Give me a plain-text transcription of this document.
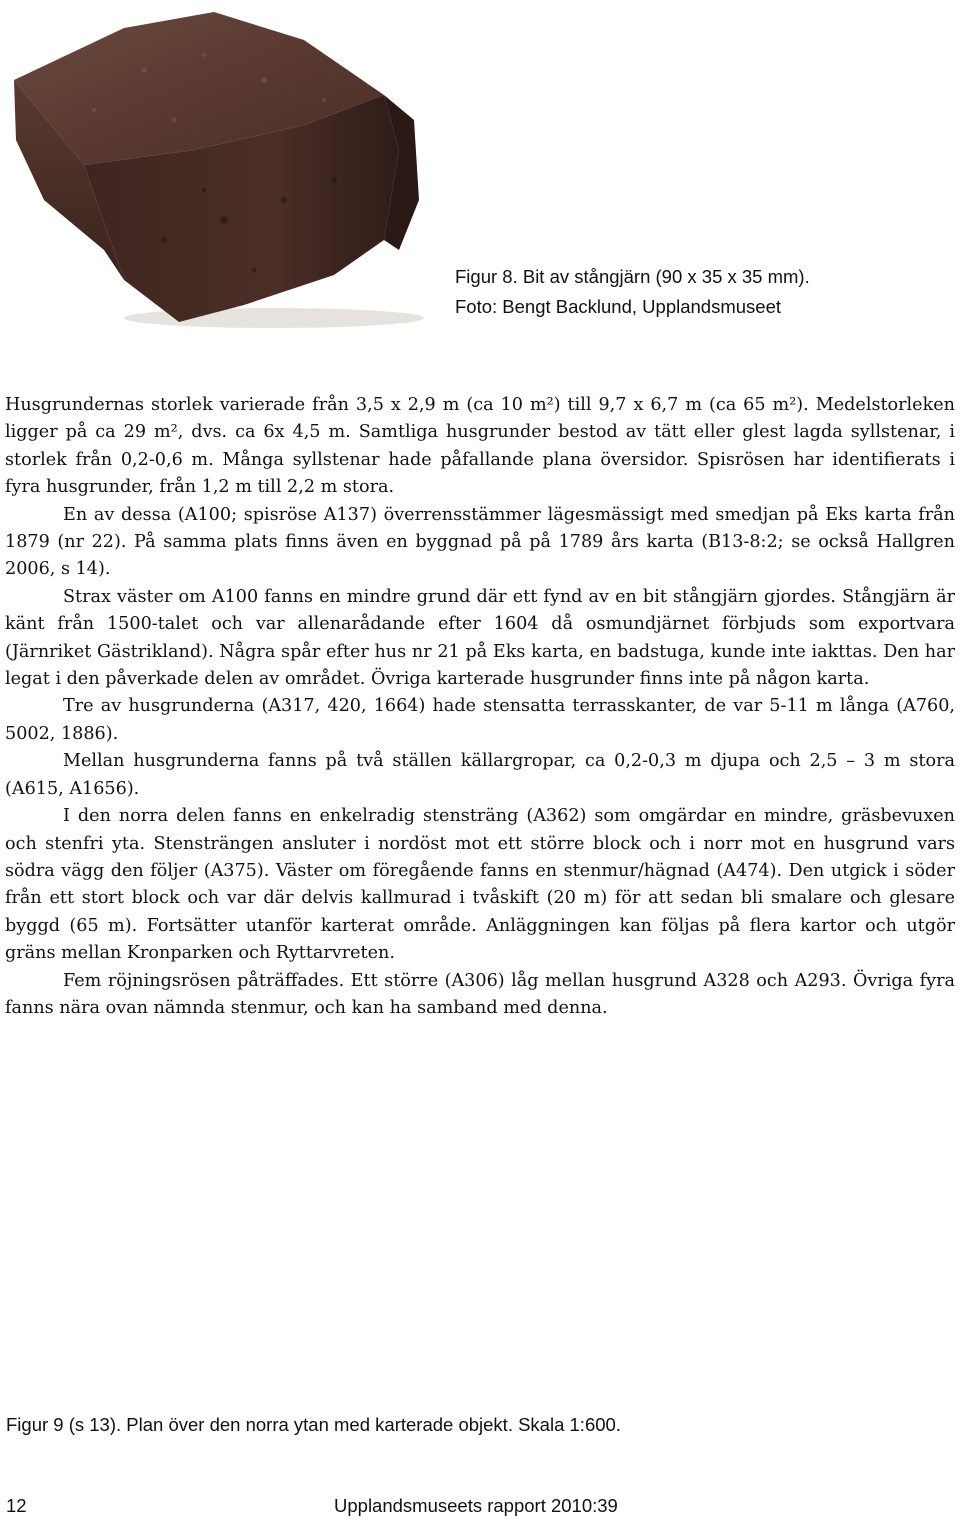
Figur 8. Bit av stångjärn (90 x 35 x 35 mm).
Foto: Bengt Backlund, Upplandsmuseet

Husgrundernas storlek varierade från 3,5 x 2,9 m (ca 10 m²) till 9,7 x 6,7 m (ca 65 m²). Medelstorleken ligger på ca 29 m², dvs. ca 6x 4,5 m. Samtliga husgrunder bestod av tätt eller glest lagda syllstenar, i storlek från 0,2-0,6 m. Många syllstenar hade påfallande plana översidor. Spisrösen har identifierats i fyra husgrunder, från 1,2 m till 2,2 m stora.

En av dessa (A100; spisröse A137) överrensstämmer lägesmässigt med smedjan på Eks karta från 1879 (nr 22). På samma plats finns även en byggnad på på 1789 års karta (B13-8:2; se också Hallgren 2006, s 14).

Strax väster om A100 fanns en mindre grund där ett fynd av en bit stångjärn gjordes. Stångjärn är känt från 1500-talet och var allenarådande efter 1604 då osmundjärnet förbjuds som exportvara (Järnriket Gästrikland). Några spår efter hus nr 21 på Eks karta, en badstuga, kunde inte iakttas. Den har legat i den påverkade delen av området. Övriga karterade husgrunder finns inte på någon karta.

Tre av husgrunderna (A317, 420, 1664) hade stensatta terrasskanter, de var 5-11 m långa (A760, 5002, 1886).

Mellan husgrunderna fanns på två ställen källargropar, ca 0,2-0,3 m djupa och 2,5 – 3 m stora (A615, A1656).

I den norra delen fanns en enkelradig stensträng (A362) som omgärdar en mindre, gräsbevuxen och stenfri yta. Stensträngen ansluter i nordöst mot ett större block och i norr mot en husgrund vars södra vägg den följer (A375). Väster om föregående fanns en stenmur/hägnad (A474). Den utgick i söder från ett stort block och var där delvis kallmurad i tvåskift (20 m) för att sedan bli smalare och glesare byggd (65 m). Fortsätter utanför karterat område. Anläggningen kan följas på flera kartor och utgör gräns mellan Kronparken och Ryttarvreten.

Fem röjningsrösen påträffades. Ett större (A306) låg mellan husgrund A328 och A293. Övriga fyra fanns nära ovan nämnda stenmur, och kan ha samband med denna.

Figur 9 (s 13). Plan över den norra ytan med karterade objekt. Skala 1:600.
12	Upplandsmuseets rapport 2010:39
